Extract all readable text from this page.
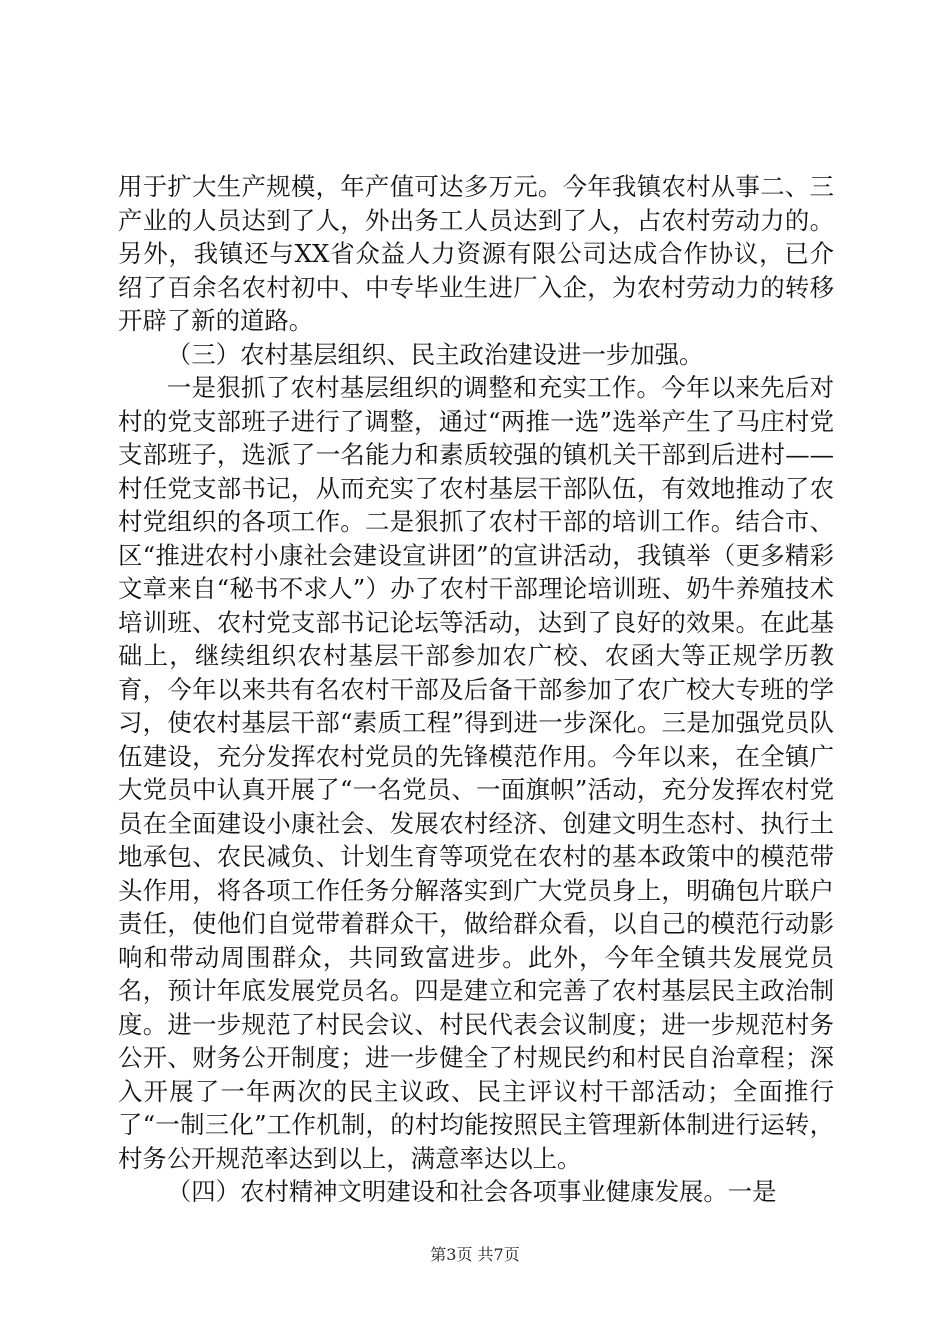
用于扩大生产规模，年产值可达多万元。今年我镇农村从事二、三产业的人员达到了人，外出务工人员达到了人，占农村劳动力的。另外，我镇还与XX省众益人力资源有限公司达成合作协议，已介绍了百余名农村初中、中专毕业生进厂入企，为农村劳动力的转移开辟了新的道路。

（三）农村基层组织、民主政治建设进一步加强。

一是狠抓了农村基层组织的调整和充实工作。今年以来先后对村的党支部班子进行了调整，通过“两推一选”选举产生了马庄村党支部班子，选派了一名能力和素质较强的镇机关干部到后进村——村任党支部书记，从而充实了农村基层干部队伍，有效地推动了农村党组织的各项工作。二是狠抓了农村干部的培训工作。结合市、区“推进农村小康社会建设宣讲团”的宣讲活动，我镇举（更多精彩文章来自“秘书不求人”）办了农村干部理论培训班、奶牛养殖技术培训班、农村党支部书记论坛等活动，达到了良好的效果。在此基础上，继续组织农村基层干部参加农广校、农函大等正规学历教育，今年以来共有名农村干部及后备干部参加了农广校大专班的学习，使农村基层干部“素质工程”得到进一步深化。三是加强党员队伍建设，充分发挥农村党员的先锋模范作用。今年以来，在全镇广大党员中认真开展了“一名党员、一面旗帜”活动，充分发挥农村党员在全面建设小康社会、发展农村经济、创建文明生态村、执行土地承包、农民减负、计划生育等项党在农村的基本政策中的模范带头作用，将各项工作任务分解落实到广大党员身上，明确包片联户责任，使他们自觉带着群众干，做给群众看，以自己的模范行动影响和带动周围群众，共同致富进步。此外，今年全镇共发展党员名，预计年底发展党员名。四是建立和完善了农村基层民主政治制度。进一步规范了村民会议、村民代表会议制度；进一步规范村务公开、财务公开制度；进一步健全了村规民约和村民自治章程；深入开展了一年两次的民主议政、民主评议村干部活动；全面推行了“一制三化”工作机制，的村均能按照民主管理新体制进行运转，村务公开规范率达到以上，满意率达以上。

（四）农村精神文明建设和社会各项事业健康发展。一是

第3页 共7页
